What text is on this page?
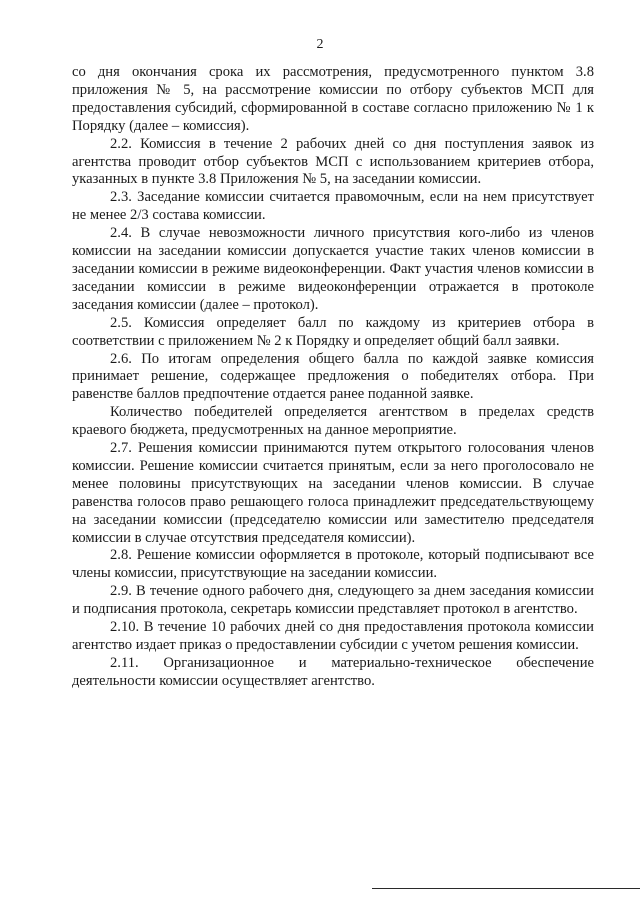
2

со дня окончания срока их рассмотрения, предусмотренного пунктом 3.8 приложения № 5, на рассмотрение комиссии по отбору субъектов МСП для предоставления субсидий, сформированной в составе согласно приложению № 1 к Порядку (далее – комиссия).

2.2. Комиссия в течение 2 рабочих дней со дня поступления заявок из агентства проводит отбор субъектов МСП с использованием критериев отбора, указанных в пункте 3.8 Приложения № 5, на заседании комиссии.

2.3. Заседание комиссии считается правомочным, если на нем присутствует не менее 2/3 состава комиссии.

2.4. В случае невозможности личного присутствия кого-либо из членов комиссии на заседании комиссии допускается участие таких членов комиссии в заседании комиссии в режиме видеоконференции. Факт участия членов комиссии в заседании комиссии в режиме видеоконференции отражается в протоколе заседания комиссии (далее – протокол).

2.5. Комиссия определяет балл по каждому из критериев отбора в соответствии с приложением № 2 к Порядку и определяет общий балл заявки.

2.6. По итогам определения общего балла по каждой заявке комиссия принимает решение, содержащее предложения о победителях отбора. При равенстве баллов предпочтение отдается ранее поданной заявке.

Количество победителей определяется агентством в пределах средств краевого бюджета, предусмотренных на данное мероприятие.

2.7. Решения комиссии принимаются путем открытого голосования членов комиссии. Решение комиссии считается принятым, если за него проголосовало не менее половины присутствующих на заседании членов комиссии. В случае равенства голосов право решающего голоса принадлежит председательствующему на заседании комиссии (председателю комиссии или заместителю председателя комиссии в случае отсутствия председателя комиссии).

2.8. Решение комиссии оформляется в протоколе, который подписывают все члены комиссии, присутствующие на заседании комиссии.

2.9. В течение одного рабочего дня, следующего за днем заседания комиссии и подписания протокола, секретарь комиссии представляет протокол в агентство.

2.10. В течение 10 рабочих дней со дня предоставления протокола комиссии агентство издает приказ о предоставлении субсидии с учетом решения комиссии.

2.11. Организационное и материально-техническое обеспечение деятельности комиссии осуществляет агентство.
